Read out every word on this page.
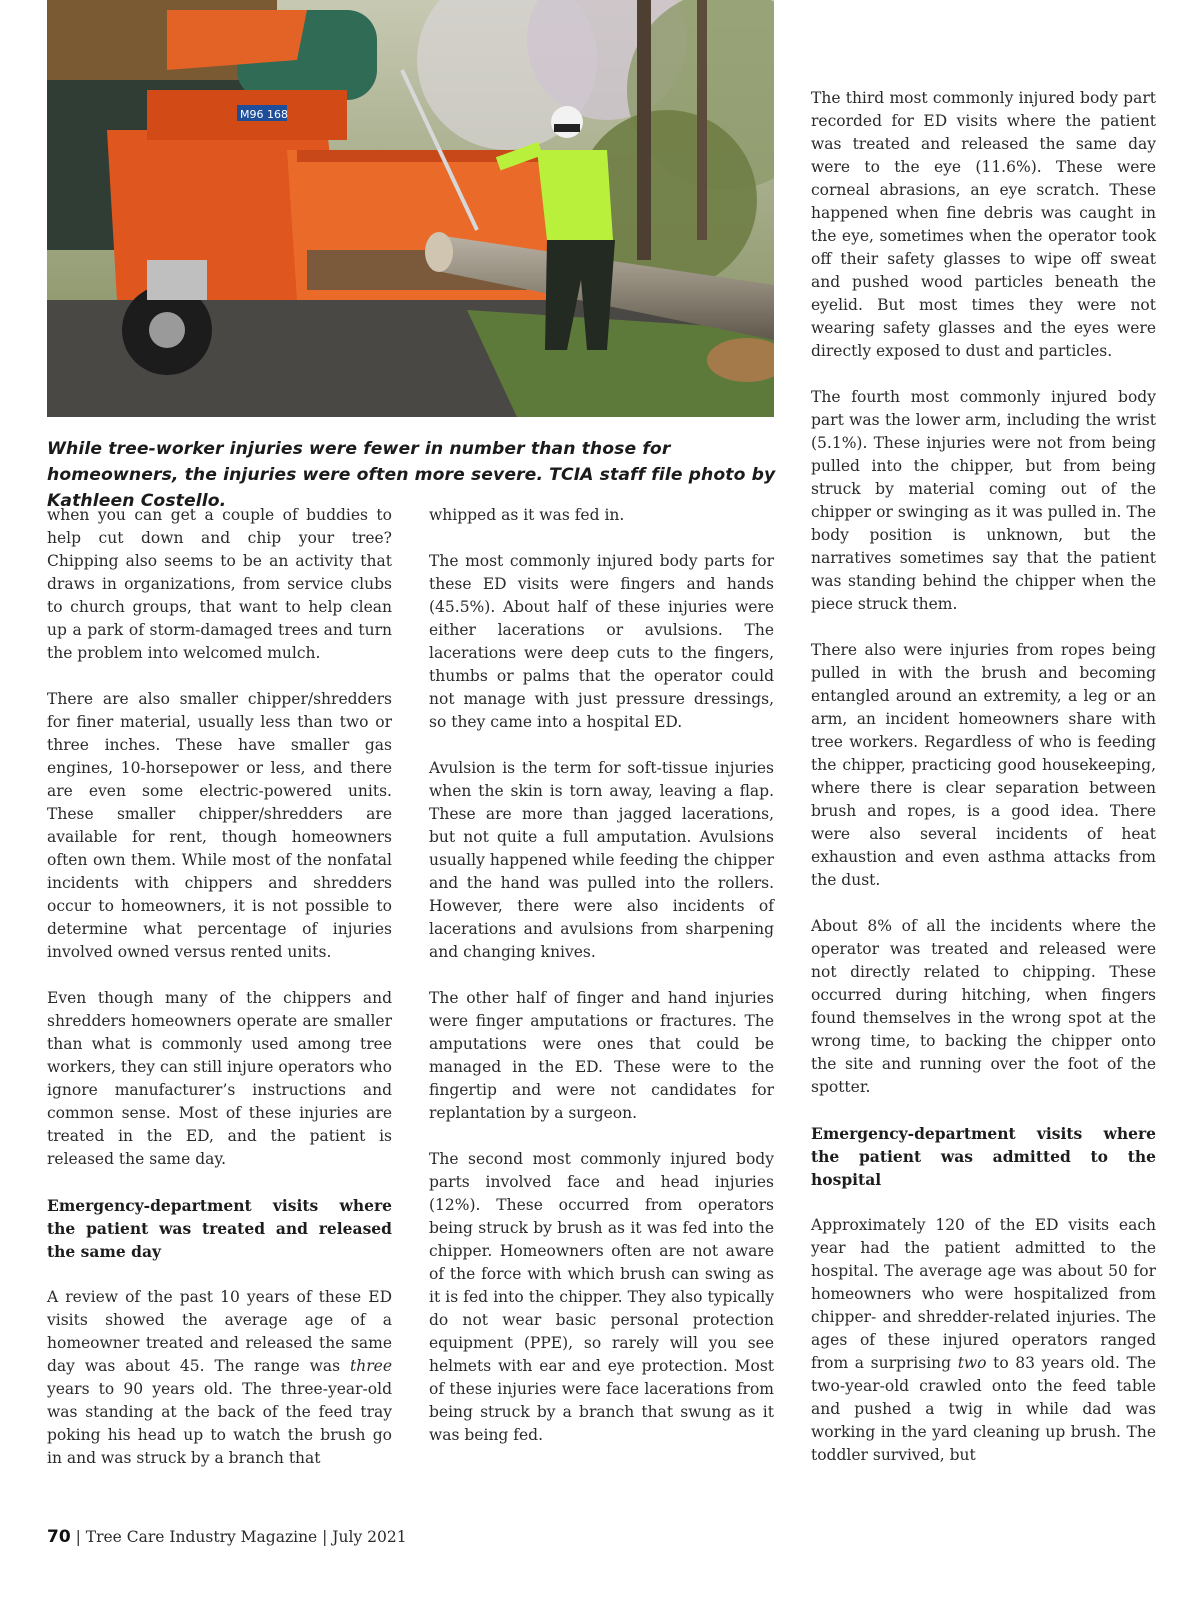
M96 168
While tree-worker injuries were fewer in number than those for homeowners, the injuries were often more severe. TCIA staff file photo by Kathleen Costello.

when you can get a couple of buddies to help cut down and chip your tree? Chipping also seems to be an activity that draws in organizations, from service clubs to church groups, that want to help clean up a park of storm-damaged trees and turn the problem into welcomed mulch.

There are also smaller chipper/shredders for finer material, usually less than two or three inches. These have smaller gas engines, 10-horsepower or less, and there are even some electric-powered units. These smaller chipper/shredders are available for rent, though homeowners often own them. While most of the nonfatal incidents with chippers and shredders occur to homeowners, it is not possible to determine what percentage of injuries involved owned versus rented units.

Even though many of the chippers and shredders homeowners operate are smaller than what is commonly used among tree workers, they can still injure operators who ignore manufacturer’s instructions and common sense. Most of these injuries are treated in the ED, and the patient is released the same day.

Emergency-department visits where the patient was treated and released the same day

A review of the past 10 years of these ED visits showed the average age of a homeowner treated and released the same day was about 45. The range was three years to 90 years old. The three-year-old was standing at the back of the feed tray poking his head up to watch the brush go in and was struck by a branch that

whipped as it was fed in.

The most commonly injured body parts for these ED visits were fingers and hands (45.5%). About half of these injuries were either lacerations or avulsions. The lacerations were deep cuts to the fingers, thumbs or palms that the operator could not manage with just pressure dressings, so they came into a hospital ED.

Avulsion is the term for soft-tissue injuries when the skin is torn away, leaving a flap. These are more than jagged lacerations, but not quite a full amputation. Avulsions usually happened while feeding the chipper and the hand was pulled into the rollers. However, there were also incidents of lacerations and avulsions from sharpening and changing knives.

The other half of finger and hand injuries were finger amputations or fractures. The amputations were ones that could be managed in the ED. These were to the fingertip and were not candidates for replantation by a surgeon.

The second most commonly injured body parts involved face and head injuries (12%). These occurred from operators being struck by brush as it was fed into the chipper. Homeowners often are not aware of the force with which brush can swing as it is fed into the chipper. They also typically do not wear basic personal protection equipment (PPE), so rarely will you see helmets with ear and eye protection. Most of these injuries were face lacerations from being struck by a branch that swung as it was being fed.

The third most commonly injured body part recorded for ED visits where the patient was treated and released the same day were to the eye (11.6%). These were corneal abrasions, an eye scratch. These happened when fine debris was caught in the eye, sometimes when the operator took off their safety glasses to wipe off sweat and pushed wood particles beneath the eyelid. But most times they were not wearing safety glasses and the eyes were directly exposed to dust and particles.

The fourth most commonly injured body part was the lower arm, including the wrist (5.1%). These injuries were not from being pulled into the chipper, but from being struck by material coming out of the chipper or swinging as it was pulled in. The body position is unknown, but the narratives sometimes say that the patient was standing behind the chipper when the piece struck them.

There also were injuries from ropes being pulled in with the brush and becoming entangled around an extremity, a leg or an arm, an incident homeowners share with tree workers. Regardless of who is feeding the chipper, practicing good housekeeping, where there is clear separation between brush and ropes, is a good idea. There were also several incidents of heat exhaustion and even asthma attacks from the dust.

About 8% of all the incidents where the operator was treated and released were not directly related to chipping. These occurred during hitching, when fingers found themselves in the wrong spot at the wrong time, to backing the chipper onto the site and running over the foot of the spotter.

Emergency-department visits where the patient was admitted to the hospital

Approximately 120 of the ED visits each year had the patient admitted to the hospital. The average age was about 50 for homeowners who were hospitalized from chipper- and shredder-related injuries. The ages of these injured operators ranged from a surprising two to 83 years old. The two-year-old crawled onto the feed table and pushed a twig in while dad was working in the yard cleaning up brush. The toddler survived, but

70 | Tree Care Industry Magazine | July 2021
